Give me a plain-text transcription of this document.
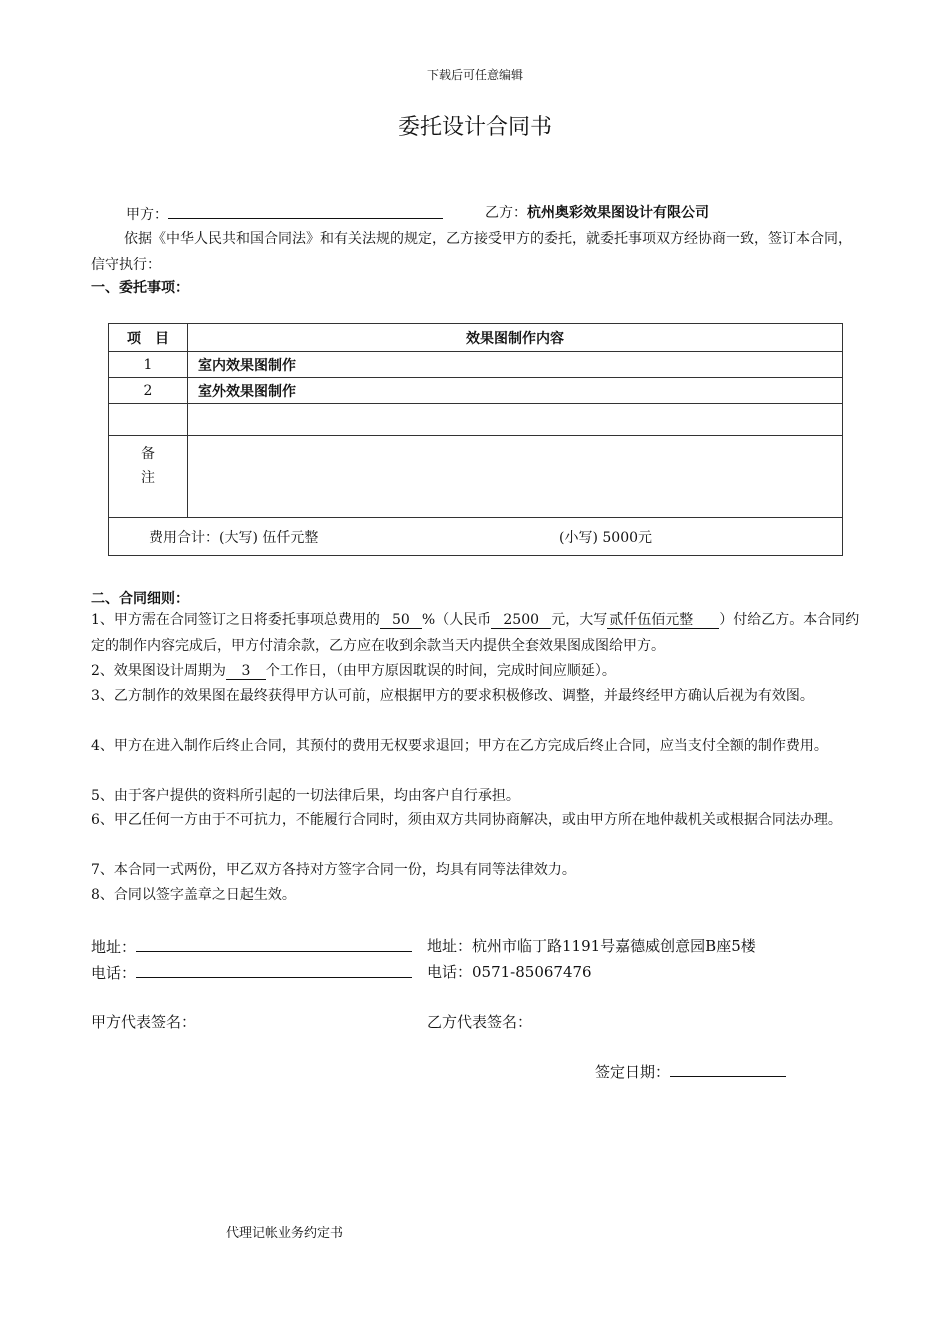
下载后可任意编辑
委托设计合同书
甲方：	乙方：杭州奥彩效果图设计有限公司
依据《中华人民共和国合同法》和有关法规的规定，乙方接受甲方的委托，就委托事项双方经协商一致，签订本合同，信守执行：
一、委托事项：
项　目	效果图制作内容
1	室内效果图制作
2	室外效果图制作

备
注	

费用合计：(大写) 伍仟元整 (小写) 5000元	
二、合同细则：
1、甲方需在合同签订之日将委托事项总费用的 50 %（人民币 2500 元，大写 贰仟伍佰元整 ）付给乙方。本合同约定的制作内容完成后，甲方付清余款，乙方应在收到余款当天内提供全套效果图成图给甲方。
2、效果图设计周期为 3 个工作日，（由甲方原因耽误的时间，完成时间应顺延）。
3、乙方制作的效果图在最终获得甲方认可前，应根据甲方的要求积极修改、调整，并最终经甲方确认后视为有效图。
4、甲方在进入制作后终止合同，其预付的费用无权要求退回；甲方在乙方完成后终止合同，应当支付全额的制作费用。
5、由于客户提供的资料所引起的一切法律后果，均由客户自行承担。
6、甲乙任何一方由于不可抗力，不能履行合同时，须由双方共同协商解决，或由甲方所在地仲裁机关或根据合同法办理。
7、本合同一式两份，甲乙双方各持对方签字合同一份，均具有同等法律效力。
8、合同以签字盖章之日起生效。
地址：	地址：杭州市临丁路1191号嘉德威创意园B座5楼
电话：	电话：0571-85067476
甲方代表签名：	乙方代表签名：
签定日期：
代理记帐业务约定书
